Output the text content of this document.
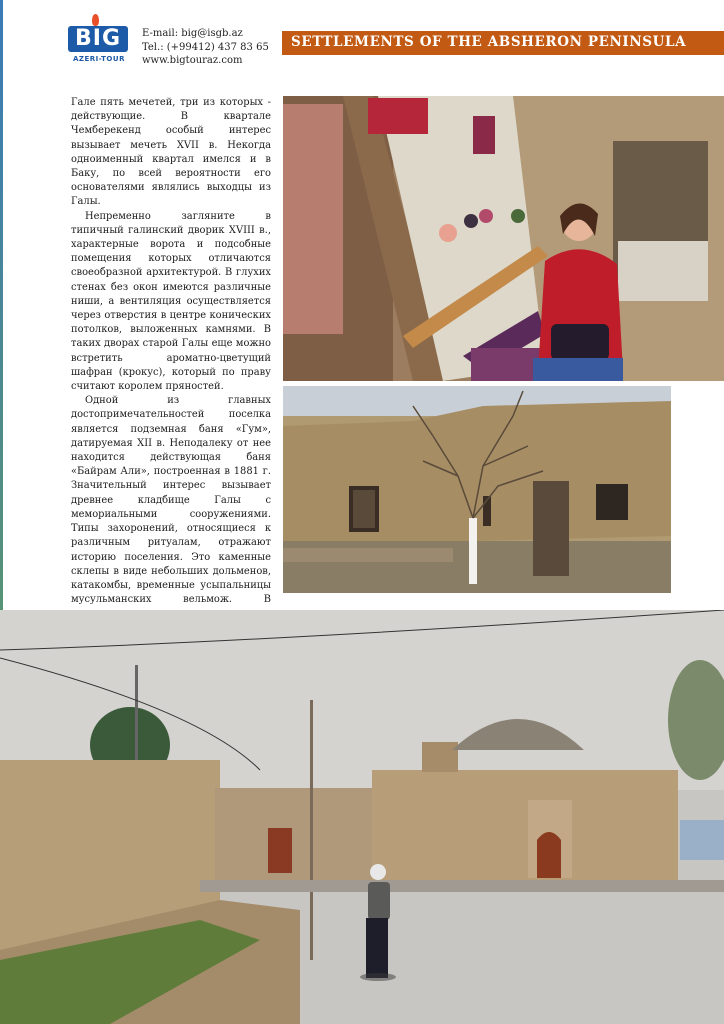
BIG
AZERI-TOUR
E-mail: big@isgb.az
Tel.: (+99412) 437 83 65
www.bigtouraz.com
SETTLEMENTS OF THE ABSHERON PENINSULA

Гале пять мечетей, три из которых - действующие. В квартале Чемберекенд особый интерес вызывает мечеть XVII в. Некогда одноименный квартал имелся и в Баку, по всей вероятности его основателями являлись выходцы из Галы.

Непременно загляните в типичный галинский дворик XVIII в., характерные ворота и подсобные помещения которых отличаются своеобразной архитектурой. В глухих стенах без окон имеются различные ниши, а вентиляция осуществляется через отверстия в центре конических потолков, выложенных камнями. В таких дворах старой Галы еще можно встретить ароматно-цветущий шафран (крокус), который по праву считают королем пряностей.

Одной из главных достопримечательностей поселка является подземная баня «Гум», датируемая XII в. Неподалеку от нее находится действующая баня «Байрам Али», построенная в 1881 г. Значительный интерес вызывает древнее кладбище Галы с мемориальными сооружениями. Типы захоронений, относящиеся к различным ритуалам, отражают историю поселения. Это каменные склепы в виде небольших дольменов, катакомбы, временные усыпальницы мусульманских вельмож. В
